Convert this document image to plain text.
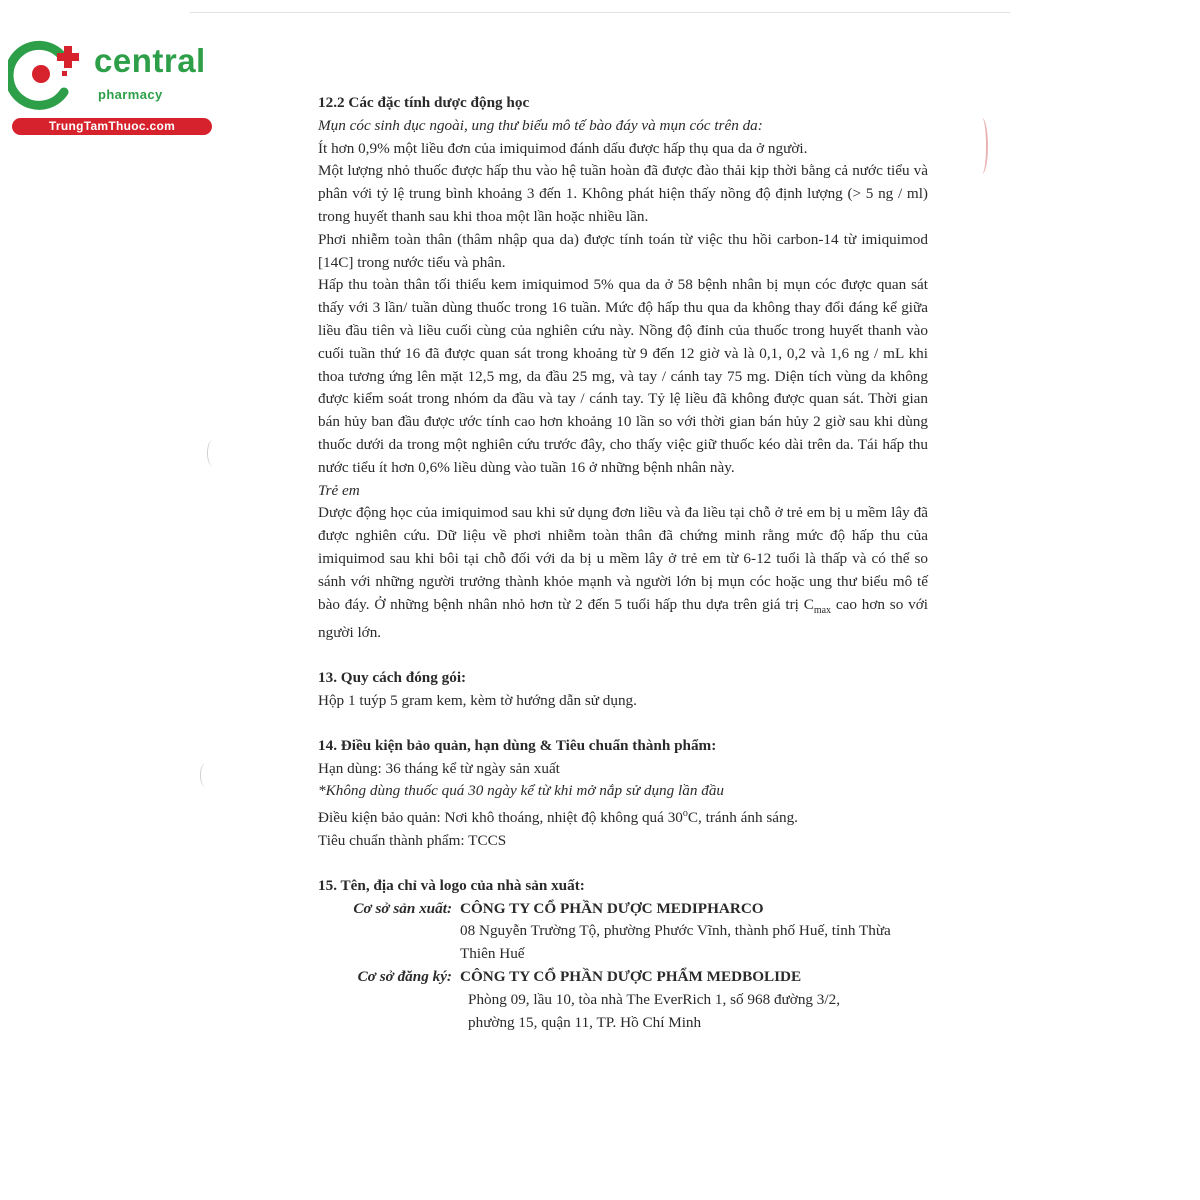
central
pharmacy
TrungTamThuoc.com

12.2 Các đặc tính dược động học

Mụn cóc sinh dục ngoài, ung thư biểu mô tế bào đáy và mụn cóc trên da:

Ít hơn 0,9% một liều đơn của imiquimod đánh dấu được hấp thụ qua da ở người.

Một lượng nhỏ thuốc được hấp thu vào hệ tuần hoàn đã được đào thải kịp thời bằng cả nước tiểu và phân với tỷ lệ trung bình khoảng 3 đến 1. Không phát hiện thấy nồng độ định lượng (> 5 ng / ml) trong huyết thanh sau khi thoa một lần hoặc nhiều lần.

Phơi nhiễm toàn thân (thâm nhập qua da) được tính toán từ việc thu hồi carbon-14 từ imiquimod [14C] trong nước tiểu và phân.

Hấp thu toàn thân tối thiểu kem imiquimod 5% qua da ở 58 bệnh nhân bị mụn cóc được quan sát thấy với 3 lần/ tuần dùng thuốc trong 16 tuần. Mức độ hấp thu qua da không thay đổi đáng kể giữa liều đầu tiên và liều cuối cùng của nghiên cứu này. Nồng độ đỉnh của thuốc trong huyết thanh vào cuối tuần thứ 16 đã được quan sát trong khoảng từ 9 đến 12 giờ và là 0,1, 0,2 và 1,6 ng / mL khi thoa tương ứng lên mặt 12,5 mg, da đầu 25 mg, và tay / cánh tay 75 mg. Diện tích vùng da không được kiểm soát trong nhóm da đầu và tay / cánh tay. Tỷ lệ liều đã không được quan sát. Thời gian bán hủy ban đầu được ước tính cao hơn khoảng 10 lần so với thời gian bán hủy 2 giờ sau khi dùng thuốc dưới da trong một nghiên cứu trước đây, cho thấy việc giữ thuốc kéo dài trên da. Tái hấp thu nước tiểu ít hơn 0,6% liều dùng vào tuần 16 ở những bệnh nhân này.

Trẻ em

Dược động học của imiquimod sau khi sử dụng đơn liều và đa liều tại chỗ ở trẻ em bị u mềm lây đã được nghiên cứu. Dữ liệu về phơi nhiễm toàn thân đã chứng minh rằng mức độ hấp thu của imiquimod sau khi bôi tại chỗ đối với da bị u mềm lây ở trẻ em từ 6-12 tuổi là thấp và có thể so sánh với những người trưởng thành khỏe mạnh và người lớn bị mụn cóc hoặc ung thư biểu mô tế bào đáy. Ở những bệnh nhân nhỏ hơn từ 2 đến 5 tuổi hấp thu dựa trên giá trị $C_{max}$ cao hơn so với người lớn.

13. Quy cách đóng gói:

Hộp 1 tuýp 5 gram kem, kèm tờ hướng dẫn sử dụng.

14. Điều kiện bảo quản, hạn dùng & Tiêu chuẩn thành phẩm:

Hạn dùng: 36 tháng kể từ ngày sản xuất

*Không dùng thuốc quá 30 ngày kể từ khi mở nắp sử dụng lần đầu

Điều kiện bảo quản: Nơi khô thoáng, nhiệt độ không quá 30$^o$C, tránh ánh sáng.

Tiêu chuẩn thành phẩm: TCCS

15. Tên, địa chỉ và logo của nhà sản xuất:

Cơ sở sản xuất: CÔNG TY CỔ PHẦN DƯỢC MEDIPHARCO
08 Nguyễn Trường Tộ, phường Phước Vĩnh, thành phố Huế, tỉnh Thừa
Thiên Huế
Cơ sở đăng ký: CÔNG TY CỔ PHẦN DƯỢC PHẨM MEDBOLIDE
Phòng 09, lầu 10, tòa nhà The EverRich 1, số 968 đường 3/2,
phường 15, quận 11, TP. Hồ Chí Minh
